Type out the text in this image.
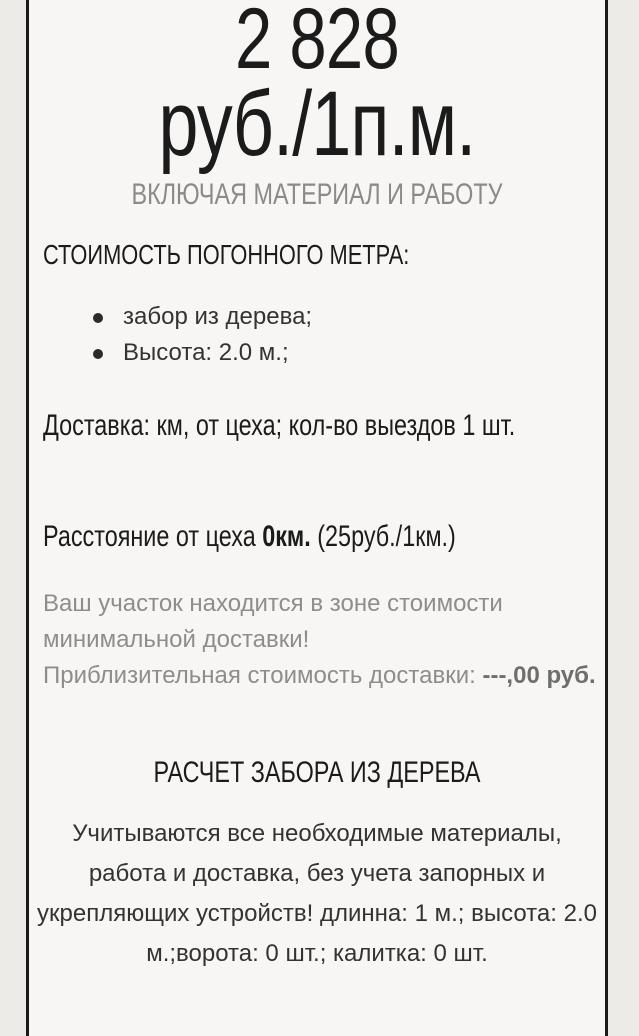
2 828
руб./1п.м.
ВКЛЮЧАЯ МАТЕРИАЛ И РАБОТУ
СТОИМОСТЬ ПОГОННОГО МЕТРА:
забор из дерева;
Высота: 2.0 м.;
Доставка: км, от цеха; кол-во выездов 1 шт.
Расстояние от цеха 0км. (25руб./1км.)
Ваш участок находится в зоне стоимости минимальной доставки!
Приблизительная стоимость доставки: ---,00 руб.
РАСЧЕТ ЗАБОРА ИЗ ДЕРЕВА
Учитываются все необходимые материалы, работа и доставка, без учета запорных и укрепляющих устройств! длинна: 1 м.; высота: 2.0 м.;ворота: 0 шт.; калитка: 0 шт.
